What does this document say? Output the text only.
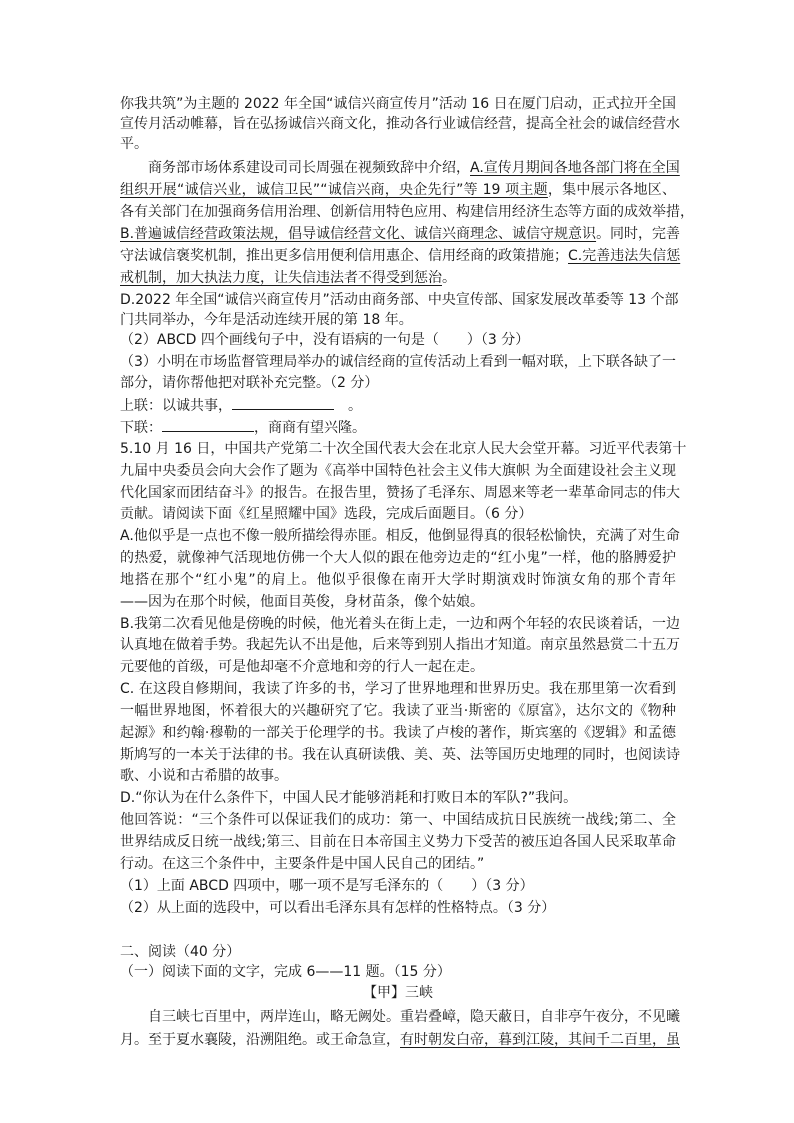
你我共筑”为主题的 2022 年全国“诚信兴商宣传月”活动 16 日在厦门启动，正式拉开全国
宣传月活动帷幕，旨在弘扬诚信兴商文化，推动各行业诚信经营，提高全社会的诚信经营水
平。
商务部市场体系建设司司长周强在视频致辞中介绍，A.宣传月期间各地各部门将在全国
组织开展“诚信兴业，诚信卫民”“诚信兴商，央企先行”等 19 项主题，集中展示各地区、
各有关部门在加强商务信用治理、创新信用特色应用、构建信用经济生态等方面的成效举措，
B.普遍诚信经营政策法规，倡导诚信经营文化、诚信兴商理念、诚信守规意识。同时，完善
守法诚信褒奖机制，推出更多信用便利信用惠企、信用经商的政策措施；C.完善违法失信惩
戒机制，加大执法力度，让失信违法者不得受到惩治。
D.2022 年全国“诚信兴商宣传月”活动由商务部、中央宣传部、国家发展改革委等 13 个部
门共同举办，今年是活动连续开展的第 18 年。
（2）ABCD 四个画线句子中，没有语病的一句是（　　）（3 分）
（3）小明在市场监督管理局举办的诚信经商的宣传活动上看到一幅对联，上下联各缺了一
部分，请你帮他把对联补充完整。（2 分）
上联：以诚共事，	。
下联：	，商商有望兴隆。
5.10 月 16 日，中国共产党第二十次全国代表大会在北京人民大会堂开幕。习近平代表第十
九届中央委员会向大会作了题为《高举中国特色社会主义伟大旗帜 为全面建设社会主义现
代化国家而团结奋斗》的报告。在报告里，赞扬了毛泽东、周恩来等老一辈革命同志的伟大
贡献。请阅读下面《红星照耀中国》选段，完成后面题目。（6 分）
A.他似乎是一点也不像一般所描绘得赤匪。相反，他倒显得真的很轻松愉快，充满了对生命
的热爱，就像神气活现地仿佛一个大人似的跟在他旁边走的“红小鬼”一样，他的胳膊爱护
地搭在那个“红小鬼”的肩上。他似乎很像在南开大学时期演戏时饰演女角的那个青年
——因为在那个时候，他面目英俊，身材苗条，像个姑娘。
B.我第二次看见他是傍晚的时候，他光着头在街上走，一边和两个年轻的农民谈着话，一边
认真地在做着手势。我起先认不出是他，后来等到别人指出才知道。南京虽然悬赏二十五万
元要他的首级，可是他却毫不介意地和旁的行人一起在走。
C. 在这段自修期间，我读了许多的书，学习了世界地理和世界历史。我在那里第一次看到
一幅世界地图，怀着很大的兴趣研究了它。我读了亚当·斯密的《原富》，达尔文的《物种
起源》和约翰·穆勒的一部关于伦理学的书。我读了卢梭的著作，斯宾塞的《逻辑》和孟德
斯鸠写的一本关于法律的书。我在认真研读俄、美、英、法等国历史地理的同时，也阅读诗
歌、小说和古希腊的故事。
D.“你认为在什么条件下，中国人民才能够消耗和打败日本的军队?”我问。
他回答说：“三个条件可以保证我们的成功：第一、中国结成抗日民族统一战线;第二、全
世界结成反日统一战线;第三、目前在日本帝国主义势力下受苦的被压迫各国人民采取革命
行动。在这三个条件中，主要条件是中国人民自己的团结。”
（1）上面 ABCD 四项中，哪一项不是写毛泽东的（　　）（3 分）
（2）从上面的选段中，可以看出毛泽东具有怎样的性格特点。（3 分）
二、阅读（40 分）
（一）阅读下面的文字，完成 6——11 题。（15 分）
【甲】三峡
自三峡七百里中，两岸连山，略无阙处。重岩叠嶂，隐天蔽日，自非亭午夜分，不见曦
月。至于夏水襄陵，沿溯阻绝。或王命急宣，有时朝发白帝，暮到江陵，其间千二百里，虽
